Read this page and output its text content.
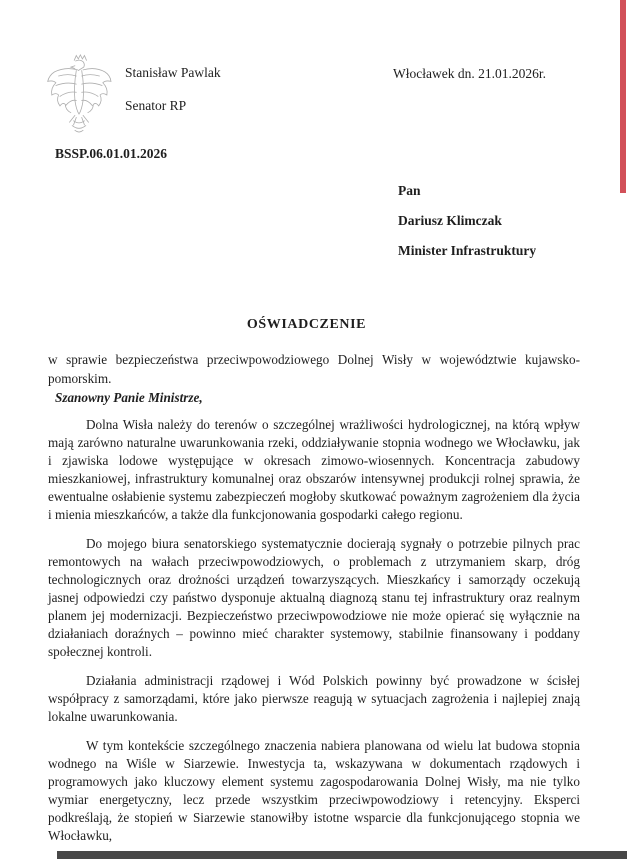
Stanisław Pawlak
Senator RP
Włocławek dn. 21.01.2026r.
BSSP.06.01.01.2026
Pan
Dariusz Klimczak
Minister Infrastruktury
OŚWIADCZENIE
w sprawie bezpieczeństwa przeciwpowodziowego Dolnej Wisły w województwie kujawsko-pomorskim.
Szanowny Panie Ministrze,

Dolna Wisła należy do terenów o szczególnej wrażliwości hydrologicznej, na którą wpływ mają zarówno naturalne uwarunkowania rzeki, oddziaływanie stopnia wodnego we Włocławku, jak i zjawiska lodowe występujące w okresach zimowo-wiosennych. Koncentracja zabudowy mieszkaniowej, infrastruktury komunalnej oraz obszarów intensywnej produkcji rolnej sprawia, że ewentualne osłabienie systemu zabezpieczeń mogłoby skutkować poważnym zagrożeniem dla życia i mienia mieszkańców, a także dla funkcjonowania gospodarki całego regionu.

Do mojego biura senatorskiego systematycznie docierają sygnały o potrzebie pilnych prac remontowych na wałach przeciwpowodziowych, o problemach z utrzymaniem skarp, dróg technologicznych oraz drożności urządzeń towarzyszących. Mieszkańcy i samorządy oczekują jasnej odpowiedzi czy państwo dysponuje aktualną diagnozą stanu tej infrastruktury oraz realnym planem jej modernizacji. Bezpieczeństwo przeciwpowodziowe nie może opierać się wyłącznie na działaniach doraźnych – powinno mieć charakter systemowy, stabilnie finansowany i poddany społecznej kontroli.

Działania administracji rządowej i Wód Polskich powinny być prowadzone w ścisłej współpracy z samorządami, które jako pierwsze reagują w sytuacjach zagrożenia i najlepiej znają lokalne uwarunkowania.

W tym kontekście szczególnego znaczenia nabiera planowana od wielu lat budowa stopnia wodnego na Wiśle w Siarzewie. Inwestycja ta, wskazywana w dokumentach rządowych i programowych jako kluczowy element systemu zagospodarowania Dolnej Wisły, ma nie tylko wymiar energetyczny, lecz przede wszystkim przeciwpowodziowy i retencyjny. Eksperci podkreślają, że stopień w Siarzewie stanowiłby istotne wsparcie dla funkcjonującego stopnia we Włocławku,
